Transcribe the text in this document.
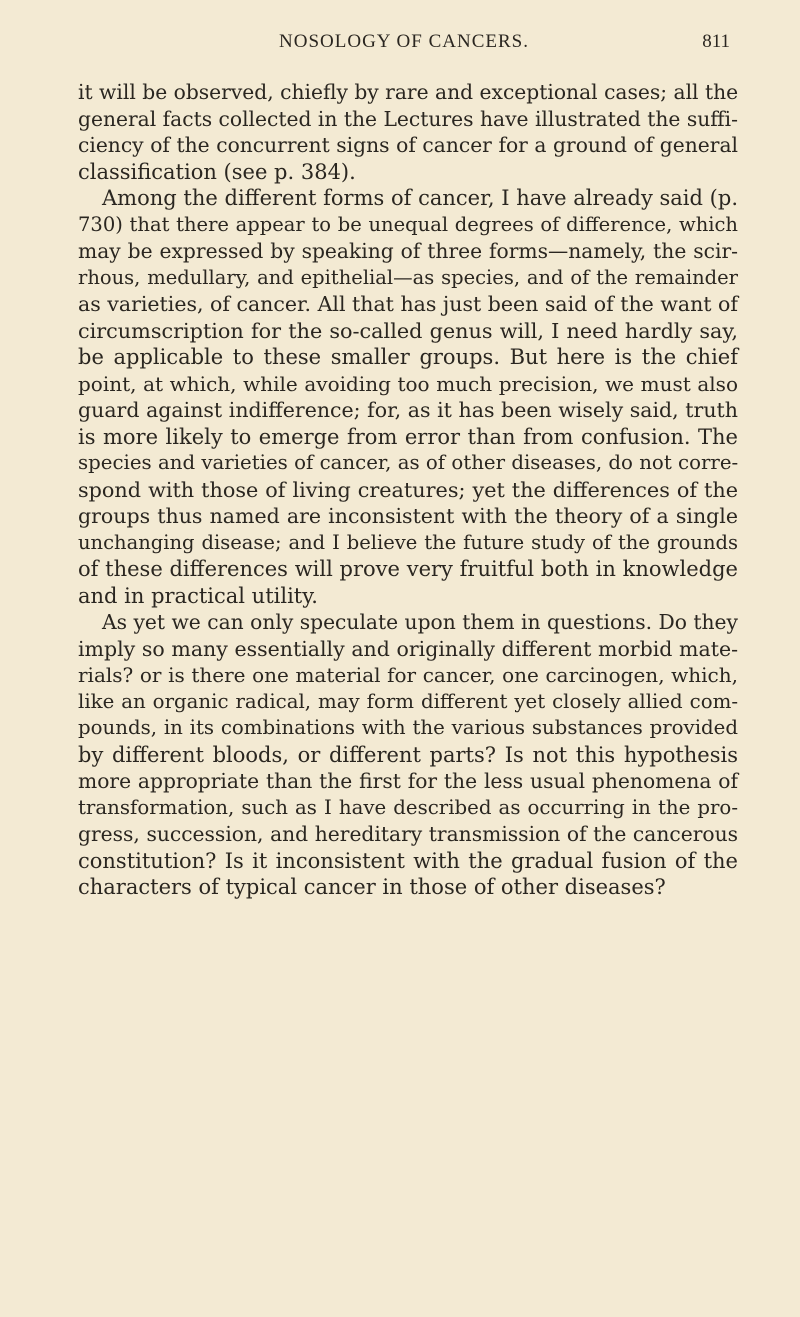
NOSOLOGY OF CANCERS.	811
it will be observed, chiefly by rare and exceptional cases; all the
general facts collected in the Lectures have illustrated the suffi-
ciency of the concurrent signs of cancer for a ground of general
classification (see p. 384).
Among the different forms of cancer, I have already said (p.
730) that there appear to be unequal degrees of difference, which
may be expressed by speaking of three forms—namely, the scir-
rhous, medullary, and epithelial—as species, and of the remainder
as varieties, of cancer. All that has just been said of the want of
circumscription for the so-called genus will, I need hardly say,
be applicable to these smaller groups. But here is the chief
point, at which, while avoiding too much precision, we must also
guard against indifference; for, as it has been wisely said, truth
is more likely to emerge from error than from confusion. The
species and varieties of cancer, as of other diseases, do not corre-
spond with those of living creatures; yet the differences of the
groups thus named are inconsistent with the theory of a single
unchanging disease; and I believe the future study of the grounds
of these differences will prove very fruitful both in knowledge
and in practical utility.
As yet we can only speculate upon them in questions. Do they
imply so many essentially and originally different morbid mate-
rials? or is there one material for cancer, one carcinogen, which,
like an organic radical, may form different yet closely allied com-
pounds, in its combinations with the various substances provided
by different bloods, or different parts? Is not this hypothesis
more appropriate than the first for the less usual phenomena of
transformation, such as I have described as occurring in the pro-
gress, succession, and hereditary transmission of the cancerous
constitution? Is it inconsistent with the gradual fusion of the
characters of typical cancer in those of other diseases?
